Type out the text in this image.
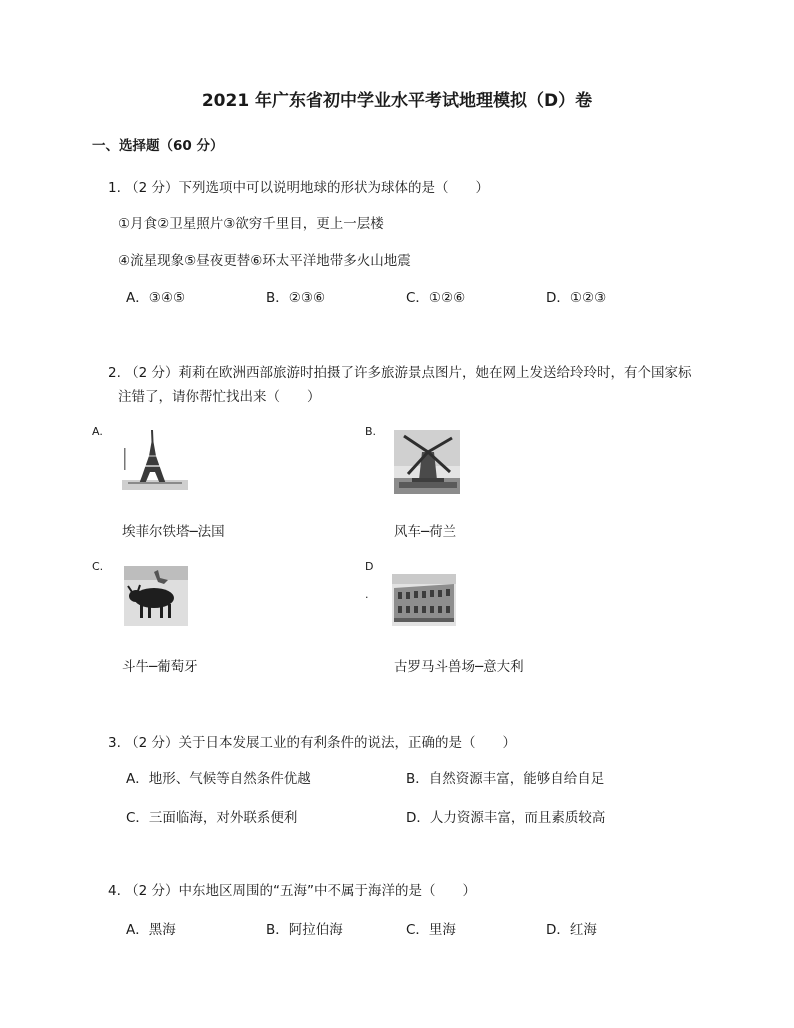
2021 年广东省初中学业水平考试地理模拟（D）卷
一、选择题（60 分）
1. （2 分）下列选项中可以说明地球的形状为球体的是（　　）
①月食②卫星照片③欲穷千里目，更上一层楼
④流星现象⑤昼夜更替⑥环太平洋地带多火山地震
A．③④⑤	B．②③⑥	C．①②⑥	D．①②③
2. （2 分）莉莉在欧洲西部旅游时拍摄了许多旅游景点图片，她在网上发送给玲玲时，有个国家标
注错了，请你帮忙找出来（　　）
A.
埃菲尔铁塔─法国
B.
风车─荷兰
C.
斗牛─葡萄牙
D
.
古罗马斗兽场─意大利
3. （2 分）关于日本发展工业的有利条件的说法，正确的是（　　）
A．地形、气候等自然条件优越	B．自然资源丰富，能够自给自足
C．三面临海，对外联系便利	D．人力资源丰富，而且素质较高
4. （2 分）中东地区周围的“五海”中不属于海洋的是（　　）
A．黑海	B．阿拉伯海	C．里海	D．红海
